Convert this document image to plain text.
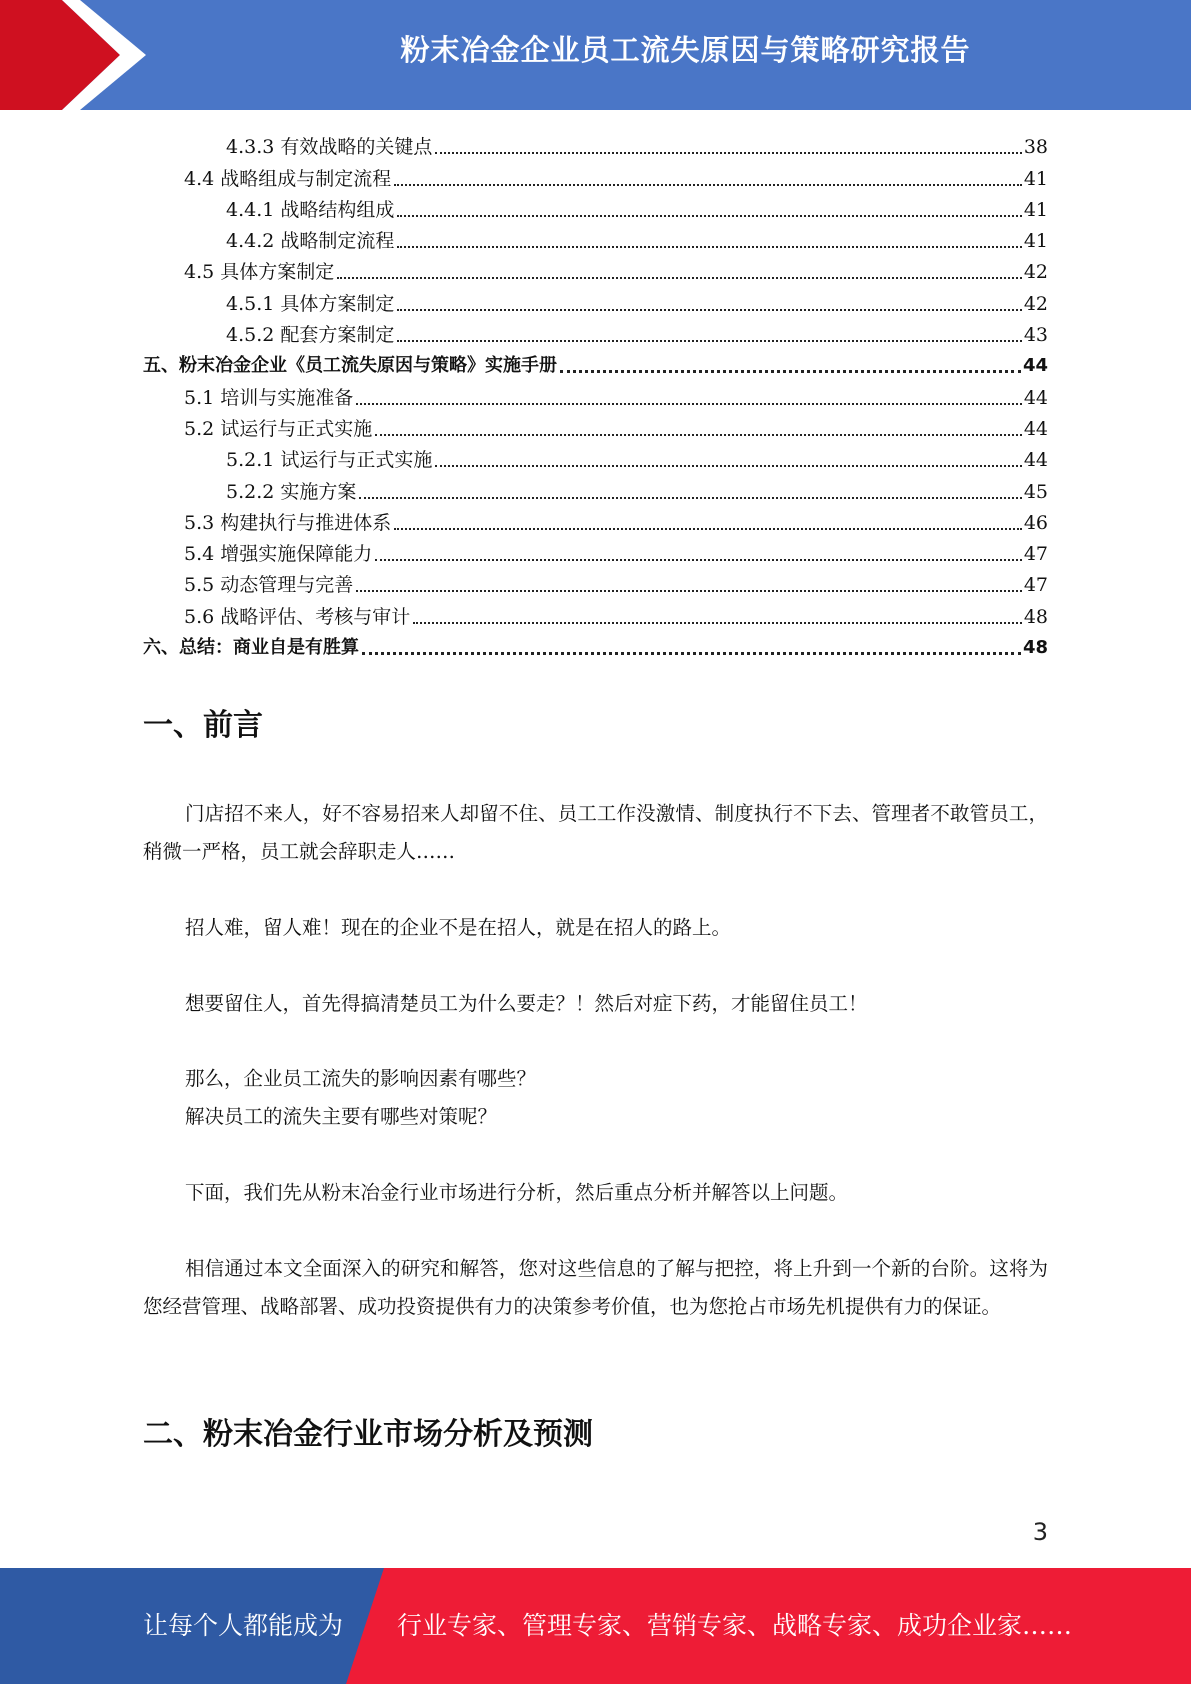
粉末冶金企业员工流失原因与策略研究报告
4.3.3 有效战略的关键点	38
4.4 战略组成与制定流程	41
4.4.1 战略结构组成	41
4.4.2 战略制定流程	41
4.5 具体方案制定	42
4.5.1 具体方案制定	42
4.5.2 配套方案制定	43
五、粉末冶金企业《员工流失原因与策略》实施手册	44
5.1 培训与实施准备	44
5.2 试运行与正式实施	44
5.2.1 试运行与正式实施	44
5.2.2 实施方案	45
5.3 构建执行与推进体系	46
5.4 增强实施保障能力	47
5.5 动态管理与完善	47
5.6 战略评估、考核与审计	48
六、总结：商业自是有胜算	48
一、前言

门店招不来人，好不容易招来人却留不住、员工工作没激情、制度执行不下去、管理者不敢管员工，稍微一严格，员工就会辞职走人……

招人难，留人难！现在的企业不是在招人，就是在招人的路上。

想要留住人，首先得搞清楚员工为什么要走？！然后对症下药，才能留住员工！

那么，企业员工流失的影响因素有哪些？

解决员工的流失主要有哪些对策呢？

下面，我们先从粉末冶金行业市场进行分析，然后重点分析并解答以上问题。

相信通过本文全面深入的研究和解答，您对这些信息的了解与把控，将上升到一个新的台阶。这将为您经营管理、战略部署、成功投资提供有力的决策参考价值，也为您抢占市场先机提供有力的保证。

二、粉末冶金行业市场分析及预测
3
让每个人都能成为 行业专家、管理专家、营销专家、战略专家、成功企业家……
